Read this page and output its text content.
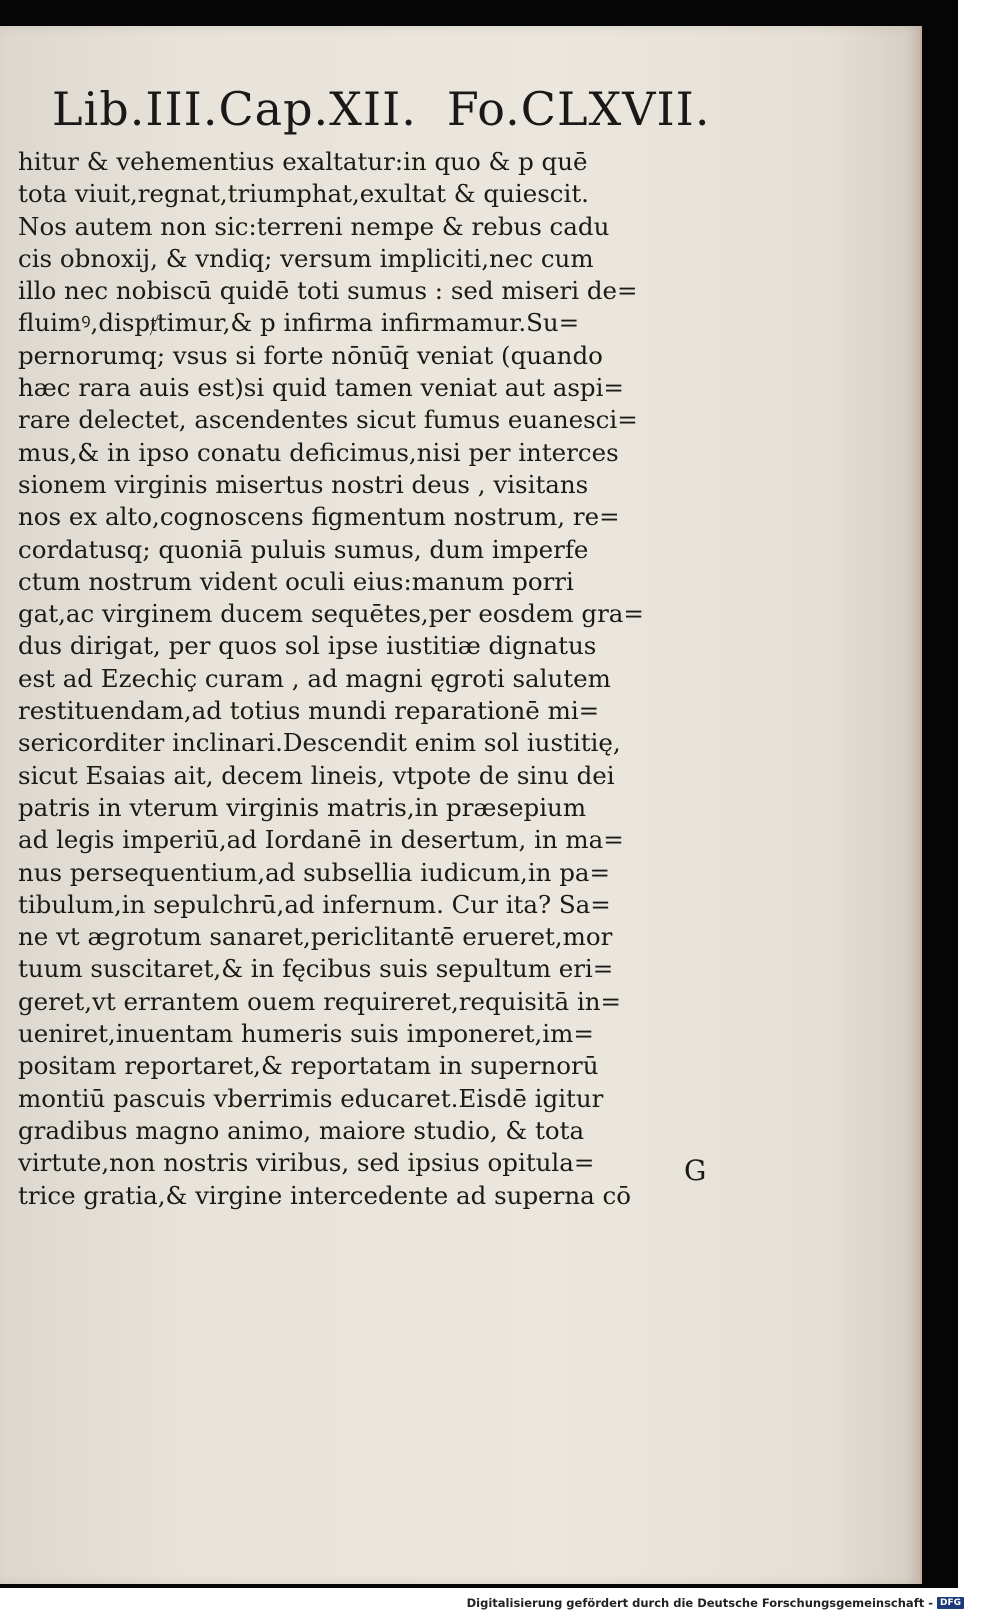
Lib.III.Cap.XII. Fo.CLXVII.
hitur & vehementius exaltatur:in quo & p quē
tota viuit,regnat,triumphat,exultat & quiescit.
Nos autem non sic:terreni nempe & rebus cadu
cis obnoxij, & vndiq; versum impliciti,nec cum
illo nec nobiscū quidē toti sumus : sed miseri de=
fluimꝰ,dispⱦtimur,& p infirma infirmamur.Su=
pernorumq; vsus si forte nōnūq̄ veniat (quando
hæc rara auis est)si quid tamen veniat aut aspi=
rare delectet, ascendentes sicut fumus euanesci=
mus,& in ipso conatu deficimus,nisi per interces
sionem virginis misertus nostri deus , visitans
nos ex alto,cognoscens figmentum nostrum, re=
cordatusq; quoniā puluis sumus, dum imperfe
ctum nostrum vident oculi eius:manum porri
gat,ac virginem ducem sequētes,per eosdem gra=
dus dirigat, per quos sol ipse iustitiæ dignatus
est ad Ezechiç curam , ad magni ęgroti salutem
restituendam,ad totius mundi reparationē mi=
sericorditer inclinari.Descendit enim sol iustitię,
sicut Esaias ait, decem lineis, vtpote de sinu dei
patris in vterum virginis matris,in præsepium
ad legis imperiū,ad Iordanē in desertum, in ma=
nus persequentium,ad subsellia iudicum,in pa=
tibulum,in sepulchrū,ad infernum. Cur ita? Sa=
ne vt ægrotum sanaret,periclitantē erueret,mor
tuum suscitaret,& in fęcibus suis sepultum eri=
geret,vt errantem ouem requireret,requisitā in=
ueniret,inuentam humeris suis imponeret,im=
positam reportaret,& reportatam in supernorū
montiū pascuis vberrimis educaret.Eisdē igitur
gradibus magno animo, maiore studio, & tota
virtute,non nostris viribus, sed ipsius opitula=
trice gratia,& virgine intercedente ad superna cō
G
Digitalisierung gefördert durch die Deutsche Forschungsgemeinschaft - DFG
